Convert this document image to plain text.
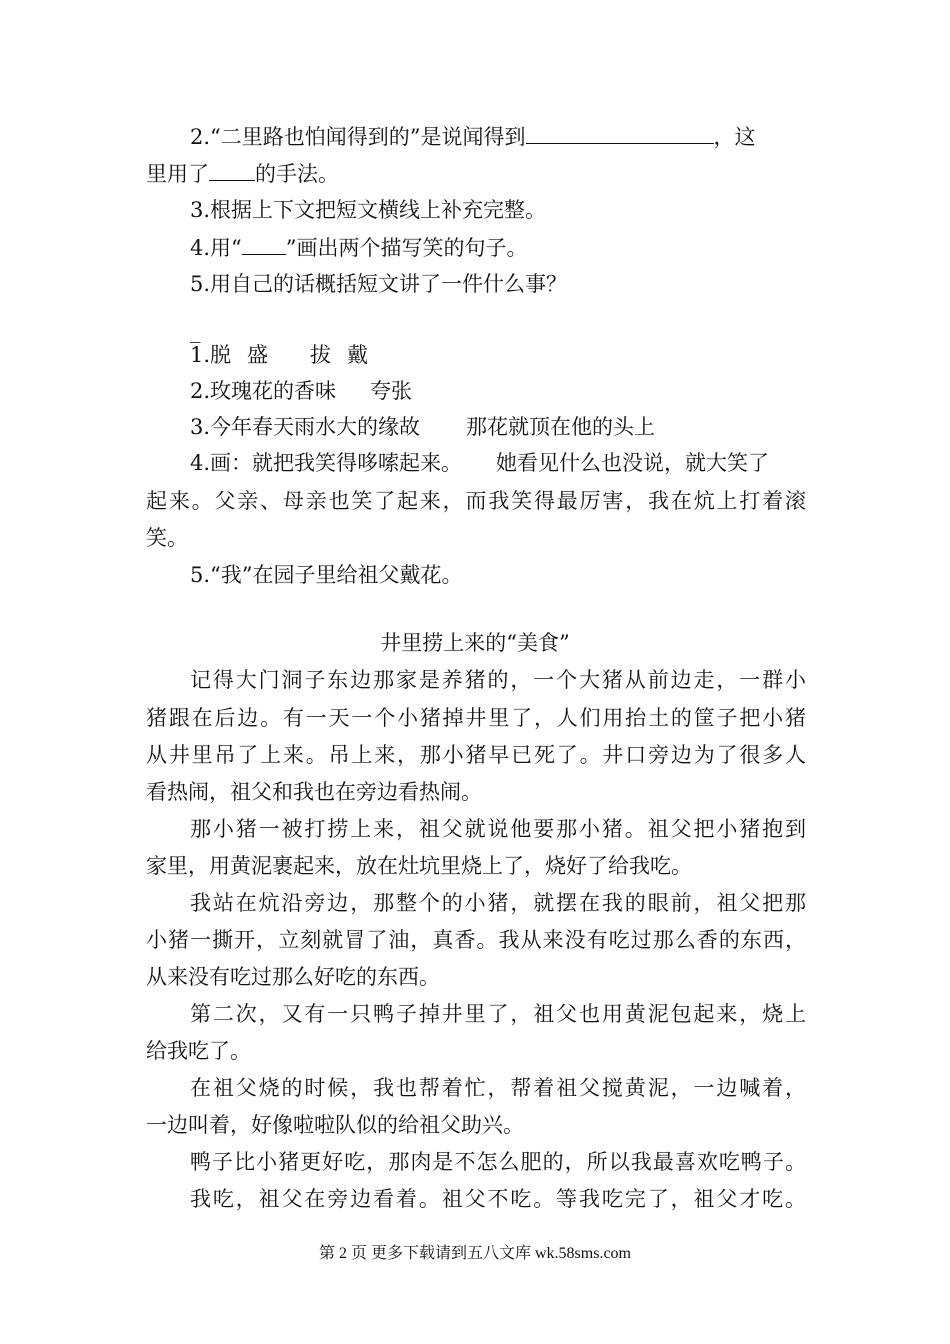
2.“二里路也怕闻得到的”是说闻得到	，这
里用了 的手法。
3.根据上下文把短文横线上补充完整。
4.用“ ”画出两个描写笑的句子。
5.用自己的话概括短文讲了一件什么事？
_
1.脱 盛 拔 戴
2.玫瑰花的香味 夸张
3.今年春天雨水大的缘故 那花就顶在他的头上
4.画：就把我笑得哆嗦起来。 她看见什么也没说，就大笑了
起来。父亲、母亲也笑了起来，而我笑得最厉害，我在炕上打着滚
笑。
5.“我”在园子里给祖父戴花。
井里捞上来的“美食”
记得大门洞子东边那家是养猪的，一个大猪从前边走，一群小
猪跟在后边。有一天一个小猪掉井里了，人们用抬土的筐子把小猪
从井里吊了上来。吊上来，那小猪早已死了。井口旁边为了很多人
看热闹，祖父和我也在旁边看热闹。
那小猪一被打捞上来，祖父就说他要那小猪。祖父把小猪抱到
家里，用黄泥裹起来，放在灶坑里烧上了，烧好了给我吃。
我站在炕沿旁边，那整个的小猪，就摆在我的眼前，祖父把那
小猪一撕开，立刻就冒了油，真香。我从来没有吃过那么香的东西，
从来没有吃过那么好吃的东西。
第二次，又有一只鸭子掉井里了，祖父也用黄泥包起来，烧上
给我吃了。
在祖父烧的时候，我也帮着忙，帮着祖父搅黄泥，一边喊着，
一边叫着，好像啦啦队似的给祖父助兴。
鸭子比小猪更好吃，那肉是不怎么肥的，所以我最喜欢吃鸭子。
我吃，祖父在旁边看着。祖父不吃。等我吃完了，祖父才吃。
第 2 页 更多下载请到五八文库 wk.58sms.com
